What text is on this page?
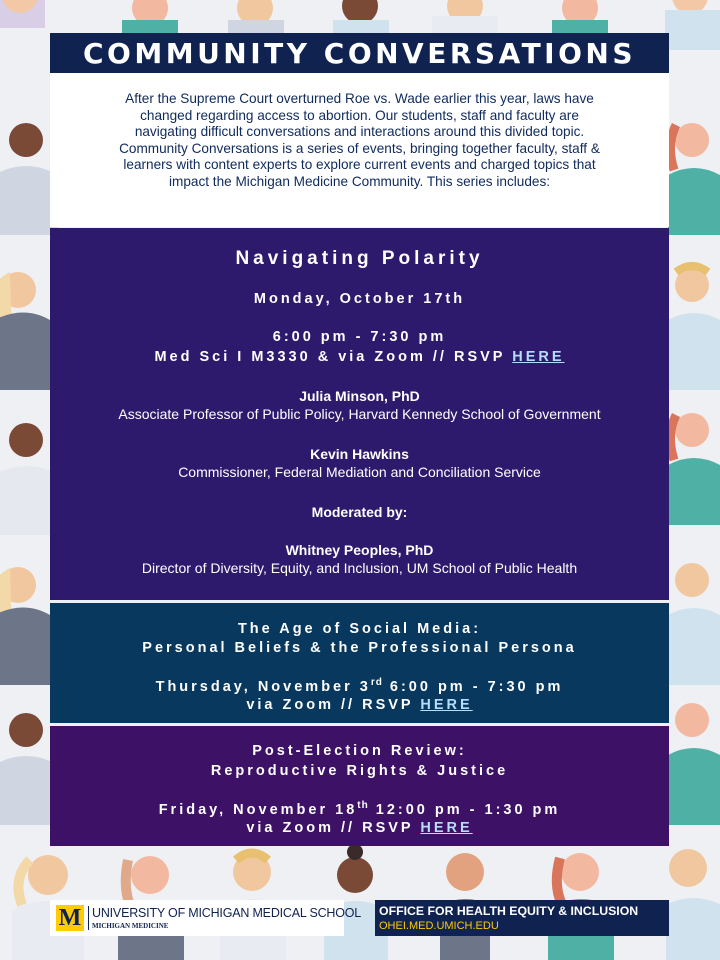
COMMUNITY CONVERSATIONS
After the Supreme Court overturned Roe vs. Wade earlier this year, laws have
changed regarding access to abortion. Our students, staff and faculty are
navigating difficult conversations and interactions around this divided topic.
Community Conversations is a series of events, bringing together faculty, staff &
learners with content experts to explore current events and charged topics that
impact the Michigan Medicine Community. This series includes:
Navigating Polarity
Monday, October 17th
6:00 pm - 7:30 pm
Med Sci I M3330 & via Zoom // RSVP HERE
Julia Minson, PhD
Associate Professor of Public Policy, Harvard Kennedy School of Government
Kevin Hawkins
Commissioner, Federal Mediation and Conciliation Service
Moderated by:
Whitney Peoples, PhD
Director of Diversity, Equity, and Inclusion, UM School of Public Health
The Age of Social Media:
Personal Beliefs & the Professional Persona
Thursday, November 3rd 6:00 pm - 7:30 pm
via Zoom // RSVP HERE
Post-Election Review:
Reproductive Rights & Justice
Friday, November 18th 12:00 pm - 1:30 pm
via Zoom // RSVP HERE
M UNIVERSITY OF MICHIGAN MEDICAL SCHOOL
MICHIGAN MEDICINE
OFFICE FOR HEALTH EQUITY & INCLUSION
OHEI.MED.UMICH.EDU
